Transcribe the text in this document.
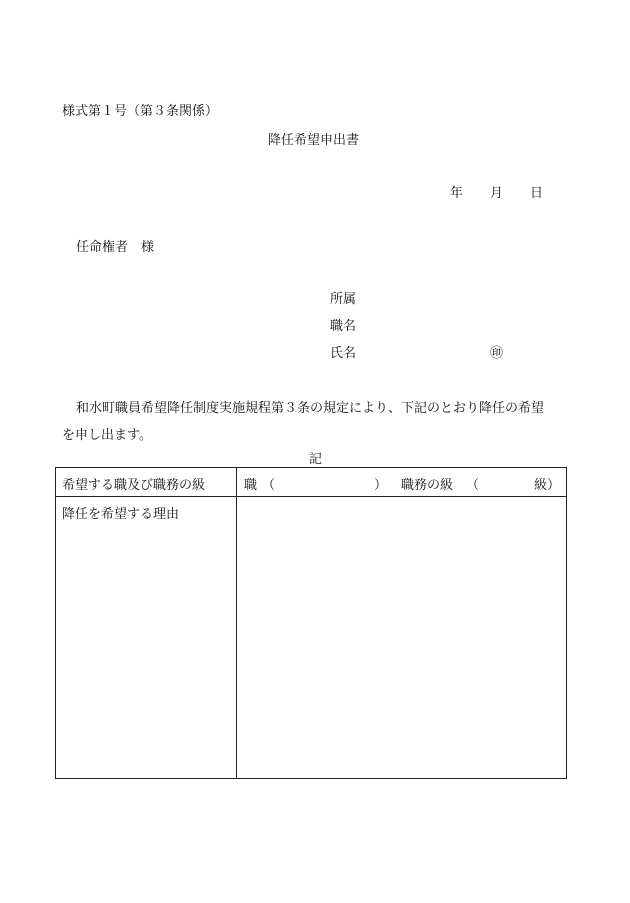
様式第１号（第３条関係）
降任希望申出書
年 月 日
任命権者　様
所属
職名
氏名	㊞
和水町職員希望降任制度実施規程第３条の規定により、下記のとおり降任の希望
を申し出ます。
記
希望する職及び職務の級	職 （	） 職務の級 （	級）
降任を希望する理由
